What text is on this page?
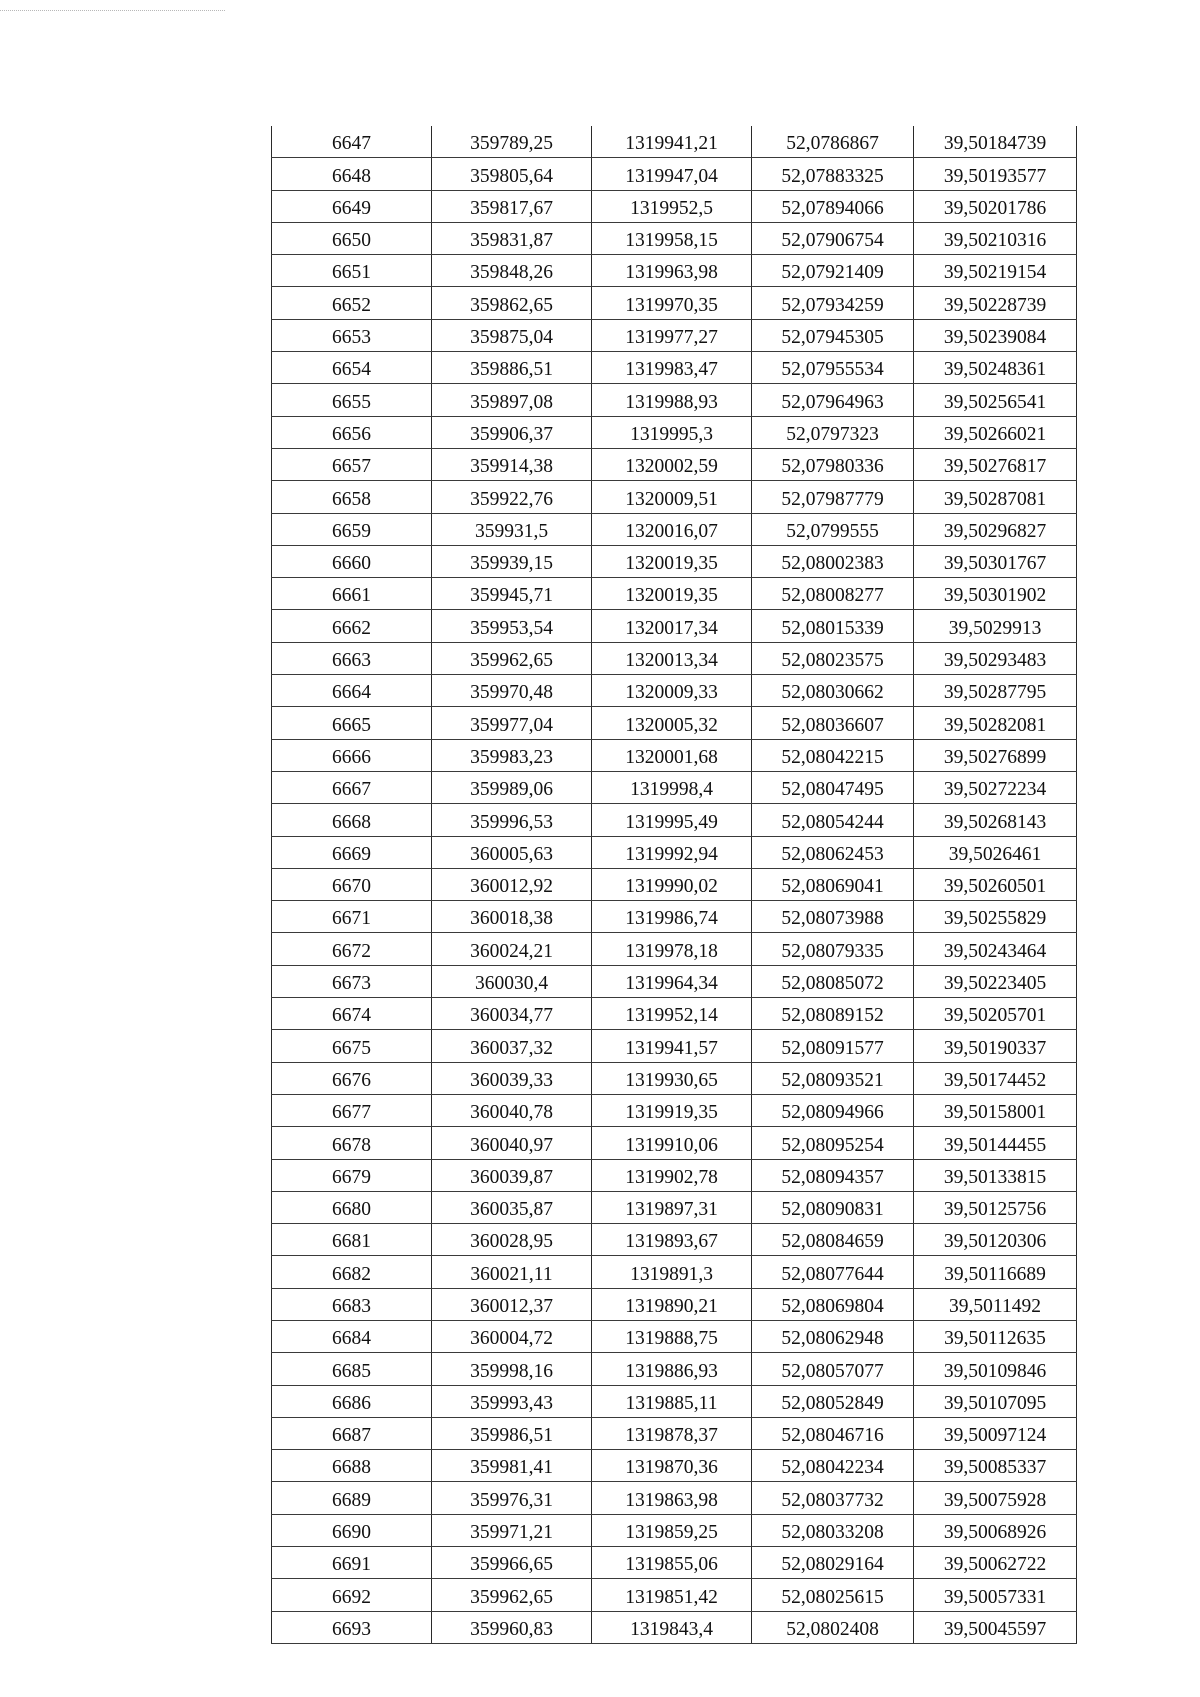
6647	359789,25	1319941,21	52,0786867	39,50184739
6648	359805,64	1319947,04	52,07883325	39,50193577
6649	359817,67	1319952,5	52,07894066	39,50201786
6650	359831,87	1319958,15	52,07906754	39,50210316
6651	359848,26	1319963,98	52,07921409	39,50219154
6652	359862,65	1319970,35	52,07934259	39,50228739
6653	359875,04	1319977,27	52,07945305	39,50239084
6654	359886,51	1319983,47	52,07955534	39,50248361
6655	359897,08	1319988,93	52,07964963	39,50256541
6656	359906,37	1319995,3	52,0797323	39,50266021
6657	359914,38	1320002,59	52,07980336	39,50276817
6658	359922,76	1320009,51	52,07987779	39,50287081
6659	359931,5	1320016,07	52,0799555	39,50296827
6660	359939,15	1320019,35	52,08002383	39,50301767
6661	359945,71	1320019,35	52,08008277	39,50301902
6662	359953,54	1320017,34	52,08015339	39,5029913
6663	359962,65	1320013,34	52,08023575	39,50293483
6664	359970,48	1320009,33	52,08030662	39,50287795
6665	359977,04	1320005,32	52,08036607	39,50282081
6666	359983,23	1320001,68	52,08042215	39,50276899
6667	359989,06	1319998,4	52,08047495	39,50272234
6668	359996,53	1319995,49	52,08054244	39,50268143
6669	360005,63	1319992,94	52,08062453	39,5026461
6670	360012,92	1319990,02	52,08069041	39,50260501
6671	360018,38	1319986,74	52,08073988	39,50255829
6672	360024,21	1319978,18	52,08079335	39,50243464
6673	360030,4	1319964,34	52,08085072	39,50223405
6674	360034,77	1319952,14	52,08089152	39,50205701
6675	360037,32	1319941,57	52,08091577	39,50190337
6676	360039,33	1319930,65	52,08093521	39,50174452
6677	360040,78	1319919,35	52,08094966	39,50158001
6678	360040,97	1319910,06	52,08095254	39,50144455
6679	360039,87	1319902,78	52,08094357	39,50133815
6680	360035,87	1319897,31	52,08090831	39,50125756
6681	360028,95	1319893,67	52,08084659	39,50120306
6682	360021,11	1319891,3	52,08077644	39,50116689
6683	360012,37	1319890,21	52,08069804	39,5011492
6684	360004,72	1319888,75	52,08062948	39,50112635
6685	359998,16	1319886,93	52,08057077	39,50109846
6686	359993,43	1319885,11	52,08052849	39,50107095
6687	359986,51	1319878,37	52,08046716	39,50097124
6688	359981,41	1319870,36	52,08042234	39,50085337
6689	359976,31	1319863,98	52,08037732	39,50075928
6690	359971,21	1319859,25	52,08033208	39,50068926
6691	359966,65	1319855,06	52,08029164	39,50062722
6692	359962,65	1319851,42	52,08025615	39,50057331
6693	359960,83	1319843,4	52,0802408	39,50045597
